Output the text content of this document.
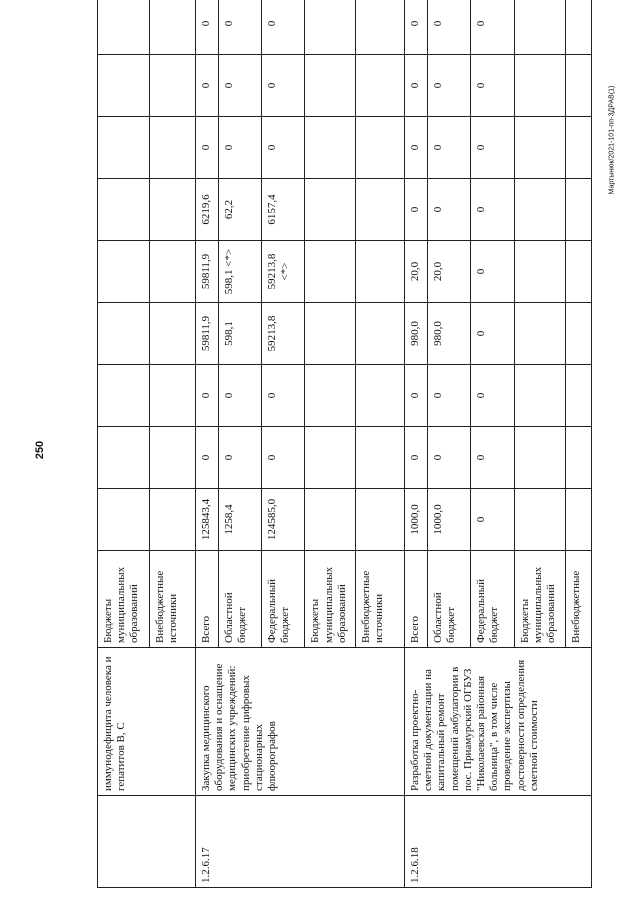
250
Мартынюк/2021-101-пп-ЗДРАВ(1)
	иммунодефицита человека и гепатитов В, С	Бюджеты муниципальных образований										
		Внебюджетные источники										
1.2.6.17	Закупка медицинского оборудования и оснащение медицинских учреждений: приобретение цифровых стационарных флюорографов	Всего	125843,4	0	0	59811,9	59811,9	6219,6	0	0	0	
		Областной бюджет	1258,4	0	0	598,1	598,1 <*>	62,2	0	0	0	
		Федеральный бюджет	124585,0	0	0	59213,8	59213,8 <*>	6157,4	0	0	0	
		Бюджеты муниципальных образований										
		Внебюджетные источники										
1.2.6.18	Разработка проектно-сметной документации на капитальный ремонт помещений амбулатории в пос. Приамурский ОГБУЗ "Николаевская районная больница", в том числе проведение экспертизы достоверности определения сметной стоимости	Всего	1000,0	0	0	980,0	20,0	0	0	0	0	
		Областной бюджет	1000,0	0	0	980,0	20,0	0	0	0	0	
		Федеральный бюджет	0	0	0	0	0	0	0	0	0	
		Бюджеты муниципальных образований										
		Внебюджетные										
